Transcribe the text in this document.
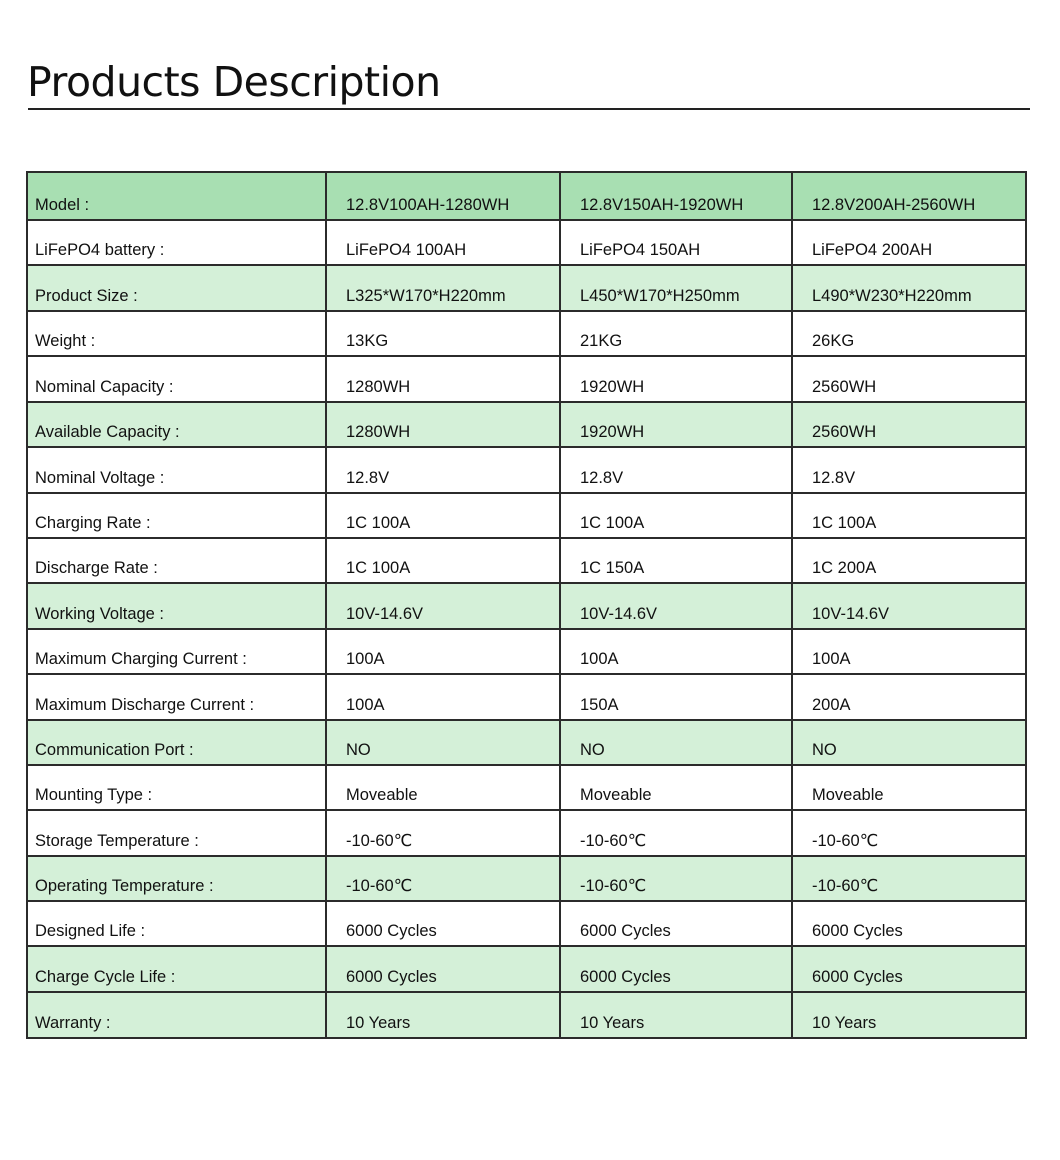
Products Description
Model :	12.8V100AH-1280WH	12.8V150AH-1920WH	12.8V200AH-2560WH
LiFePO4 battery :	LiFePO4 100AH	LiFePO4 150AH	LiFePO4 200AH
Product Size :	L325*W170*H220mm	L450*W170*H250mm	L490*W230*H220mm
Weight :	13KG	21KG	26KG
Nominal Capacity :	1280WH	1920WH	2560WH
Available Capacity :	1280WH	1920WH	2560WH
Nominal Voltage :	12.8V	12.8V	12.8V
Charging Rate :	1C 100A	1C 100A	1C 100A
Discharge Rate :	1C 100A	1C 150A	1C 200A
Working Voltage :	10V-14.6V	10V-14.6V	10V-14.6V
Maximum Charging Current :	100A	100A	100A
Maximum Discharge Current :	100A	150A	200A
Communication Port :	NO	NO	NO
Mounting Type :	Moveable	Moveable	Moveable
Storage Temperature :	-10-60℃	-10-60℃	-10-60℃
Operating Temperature :	-10-60℃	-10-60℃	-10-60℃
Designed Life :	6000 Cycles	6000 Cycles	6000 Cycles
Charge Cycle Life :	6000 Cycles	6000 Cycles	6000 Cycles
Warranty :	10 Years	10 Years	10 Years
